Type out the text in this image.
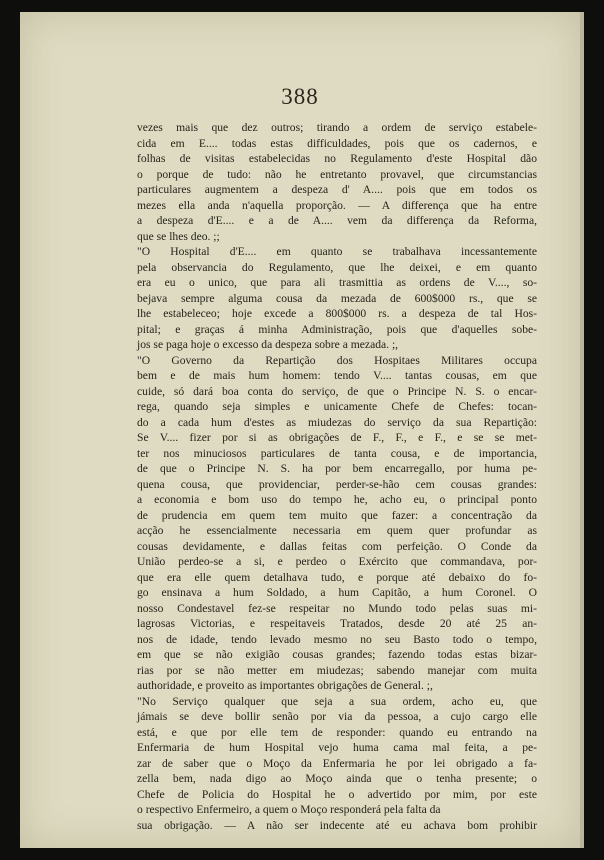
388
vezes mais que dez outros; tirando a ordem de serviço estabele-
cida em E.... todas estas difficuldades, pois que os cadernos, e
folhas de visitas estabelecidas no Regulamento d'este Hospital dão
o porque de tudo: não he entretanto provavel, que circumstancias
particulares augmentem a despeza d' A.... pois que em todos os
mezes ella anda n'aquella proporção. — A differença que ha entre
a despeza d'E.... e a de A.... vem da differença da Reforma,
que se lhes deo. ;;
"O Hospital d'E.... em quanto se trabalhava incessantemente
pela observancia do Regulamento, que lhe deixei, e em quanto
era eu o unico, que para ali trasmittia as ordens de V...., so-
bejava sempre alguma cousa da mezada de 600$000 rs., que se
lhe estabeleceo; hoje excede a 800$000 rs. a despeza de tal Hos-
pital; e graças á minha Administração, pois que d'aquelles sobe-
jos se paga hoje o excesso da despeza sobre a mezada. ;,
"O Governo da Repartição dos Hospitaes Militares occupa
bem e de mais hum homem: tendo V.... tantas cousas, em que
cuide, só dará boa conta do serviço, de que o Principe N. S. o encar-
rega, quando seja simples e unicamente Chefe de Chefes: tocan-
do a cada hum d'estes as miudezas do serviço da sua Repartição:
Se V.... fizer por si as obrigações de F., F., e F., e se se met-
ter nos minuciosos particulares de tanta cousa, e de importancia,
de que o Principe N. S. ha por bem encarregallo, por huma pe-
quena cousa, que providenciar, perder-se-hão cem cousas grandes:
a economia e bom uso do tempo he, acho eu, o principal ponto
de prudencia em quem tem muito que fazer: a concentração da
acção he essencialmente necessaria em quem quer profundar as
cousas devidamente, e dallas feitas com perfeição. O Conde da
União perdeo-se a si, e perdeo o Exército que commandava, por-
que era elle quem detalhava tudo, e porque até debaixo do fo-
go ensinava a hum Soldado, a hum Capitão, a hum Coronel. O
nosso Condestavel fez-se respeitar no Mundo todo pelas suas mi-
lagrosas Victorias, e respeitaveis Tratados, desde 20 até 25 an-
nos de idade, tendo levado mesmo no seu Basto todo o tempo,
em que se não exigião cousas grandes; fazendo todas estas bizar-
rias por se não metter em miudezas; sabendo manejar com muita
authoridade, e proveito as importantes obrigações de General. ;,
"No Serviço qualquer que seja a sua ordem, acho eu, que
jámais se deve bollir senão por via da pessoa, a cujo cargo elle
está, e que por elle tem de responder: quando eu entrando na
Enfermaria de hum Hospital vejo huma cama mal feita, a pe-
zar de saber que o Moço da Enfermaria he por lei obrigado a fa-
zella bem, nada digo ao Moço ainda que o tenha presente; o
Chefe de Policia do Hospital he o advertido por mim, por este
o respectivo Enfermeiro, a quem o Moço responderá pela falta da
sua obrigação. — A não ser indecente até eu achava bom prohibir
